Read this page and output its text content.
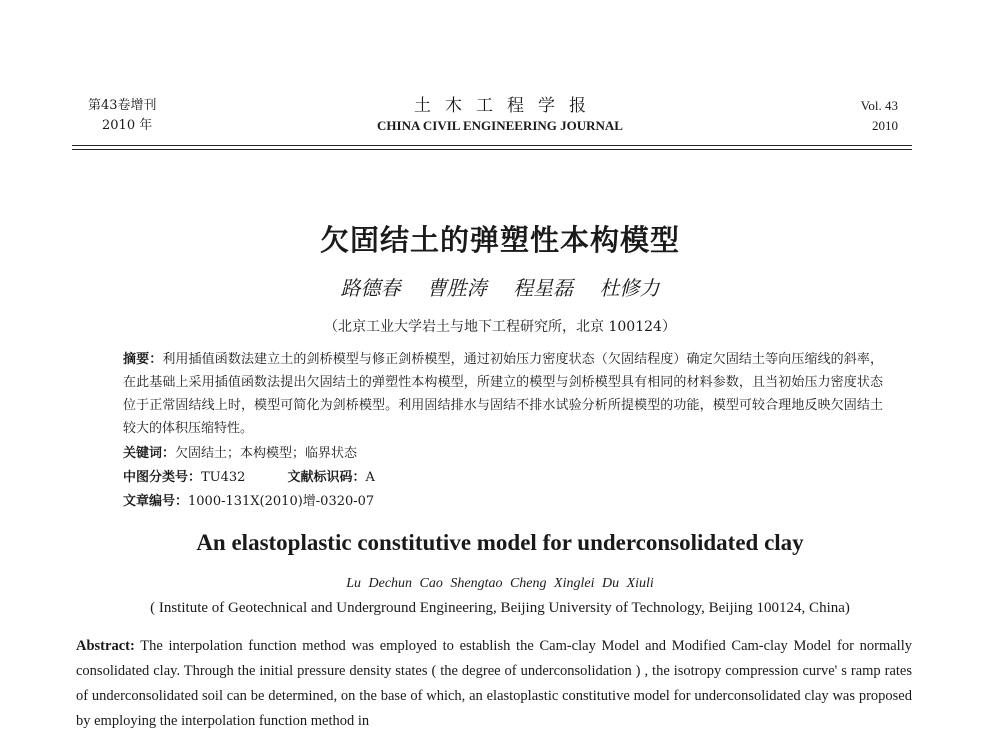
第43卷增刊
2010 年
土木工程学报
CHINA CIVIL ENGINEERING JOURNAL
Vol. 43
2010
欠固结土的弹塑性本构模型
路德春 曹胜涛 程星磊 杜修力
（北京工业大学岩土与地下工程研究所，北京 100124）
摘要：利用插值函数法建立土的剑桥模型与修正剑桥模型，通过初始压力密度状态（欠固结程度）确定欠固结土等向压缩线的斜率，在此基础上采用插值函数法提出欠固结土的弹塑性本构模型，所建立的模型与剑桥模型具有相同的材料参数，且当初始压力密度状态位于正常固结线上时，模型可简化为剑桥模型。利用固结排水与固结不排水试验分析所提模型的功能，模型可较合理地反映欠固结土较大的体积压缩特性。
关键词：欠固结土；本构模型；临界状态
中图分类号：TU432	文献标识码：A
文章编号：1000-131X(2010)增-0320-07
An elastoplastic constitutive model for underconsolidated clay
Lu Dechun Cao Shengtao Cheng Xinglei Du Xiuli
( Institute of Geotechnical and Underground Engineering, Beijing University of Technology, Beijing 100124, China)
Abstract: The interpolation function method was employed to establish the Cam-clay Model and Modified Cam-clay Model for normally consolidated clay. Through the initial pressure density states ( the degree of underconsolidation ) , the isotropy compression curve' s ramp rates of underconsolidated soil can be determined, on the base of which, an elastoplastic constitutive model for underconsolidated clay was proposed by employing the interpolation function method in
